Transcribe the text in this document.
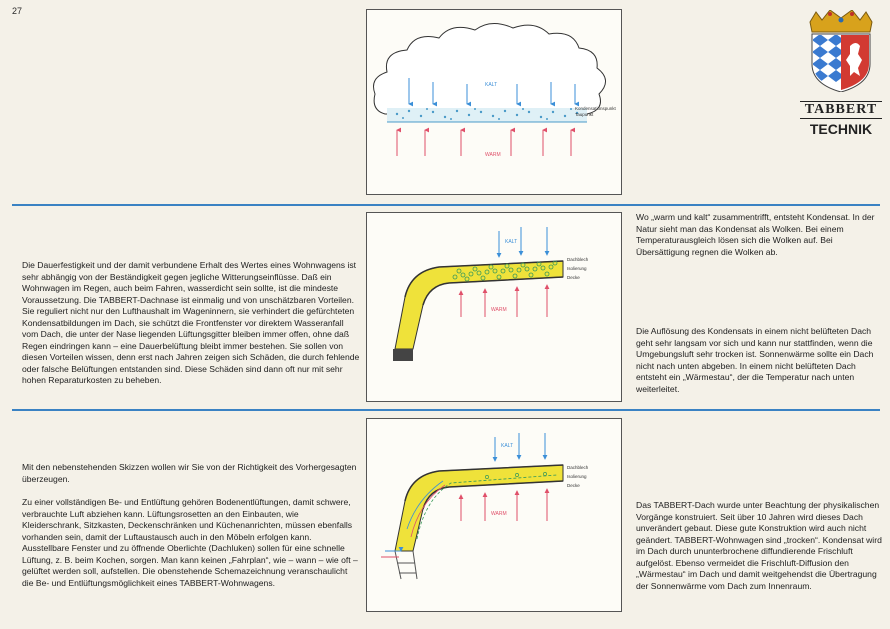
27
TABBERT
TECHNIK
KALT
WARM
Kondensationspunkt
Taupunkt
KALT
WARM
Dachblech
Isolierung
Decke
KALT
WARM
Dachblech
Isolierung
Decke

Die Dauerfestigkeit und der damit verbundene Erhalt des Wertes eines Wohnwagens ist sehr abhängig von der Beständigkeit gegen jegliche Witterungseinflüsse. Daß ein Wohnwagen im Regen, auch beim Fahren, wasserdicht sein sollte, ist die mindeste Voraussetzung. Die TABBERT-Dachnase ist einmalig und von unschätzbaren Vorteilen. Sie reguliert nicht nur den Lufthaushalt im Wageninnern, sie verhindert die gefürchteten Kondensatbildungen im Dach, sie schützt die Frontfenster vor direktem Wasseranfall vom Dach, die unter der Nase liegenden Lüftungsgitter bleiben immer offen, ohne daß Regen eindringen kann – eine Dauerbelüftung bleibt immer bestehen. Sie sollen von diesen Vorteilen wissen, denn erst nach Jahren zeigen sich Schäden, die durch fehlende oder falsche Belüftungen entstanden sind. Diese Schäden sind dann oft nur mit sehr hohen Reparaturkosten zu beheben.

Wo „warm und kalt“ zusammentrifft, entsteht Kondensat. In der Natur sieht man das Kondensat als Wolken. Bei einem Temperaturausgleich lösen sich die Wolken auf. Bei Übersättigung regnen die Wolken ab.

Die Auflösung des Kondensats in einem nicht belüfteten Dach geht sehr langsam vor sich und kann nur stattfinden, wenn die Umgebungsluft sehr trocken ist. Sonnenwärme sollte ein Dach nicht nach unten abgeben. In einem nicht belüfteten Dach entsteht ein „Wärmestau“, der die Temperatur nach unten weiterleitet.

Mit den nebenstehenden Skizzen wollen wir Sie von der Richtigkeit des Vorhergesagten überzeugen.

Zu einer vollständigen Be- und Entlüftung gehören Bodenentlüftungen, damit schwere, verbrauchte Luft abziehen kann. Lüftungsrosetten an den Einbauten, wie Kleiderschrank, Sitzkasten, Deckenschränken und Küchenanrichten, müssen ebenfalls vorhanden sein, damit der Luftaustausch auch in den Möbeln erfolgen kann. Ausstellbare Fenster und zu öffnende Oberlichte (Dachluken) sollen für eine schnelle Lüftung, z. B. beim Kochen, sorgen. Man kann keinen „Fahrplan“, wie – wann – wie oft – gelüftet werden soll, aufstellen. Die obenstehende Schemazeichnung veranschaulicht die Be- und Entlüftungsmöglichkeit eines TABBERT-Wohnwagens.

Das TABBERT-Dach wurde unter Beachtung der physikalischen Vorgänge konstruiert. Seit über 10 Jahren wird dieses Dach unverändert gebaut. Diese gute Konstruktion wird auch nicht geändert. TABBERT-Wohnwagen sind „trocken“. Kondensat wird im Dach durch ununterbrochene diffundierende Frischluft aufgelöst. Ebenso vermeidet die Frischluft-Diffusion den „Wärmestau“ im Dach und damit weitgehendst die Übertragung der Sonnenwärme vom Dach zum Innenraum.
